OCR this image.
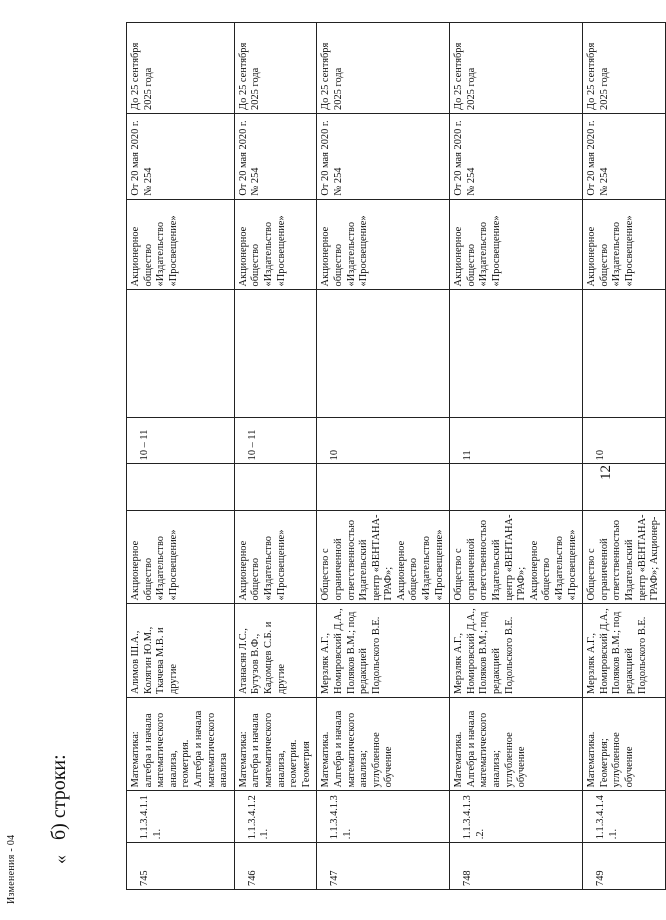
Изменения - 04 «
б) строки:
12
745	1.1.3.4.1.1.1.	Математика: алгебра и начала математического анализа, геометрия. Алгебра и начала математического анализа	Алимов Ш.А., Колягин Ю.М., Ткачева М.В. и другие	Акционерное общество «Издательство «Просвещение»		10 – 11		Акционерное общество «Издательство «Просвещение»	От 20 мая 2020 г. № 254	До 25 сентября 2025 года
746	1.1.3.4.1.2.1.	Математика: алгебра и начала математического анализа, геометрия. Геометрия	Атанасян Л.С., Бутузов В.Ф., Кадомцев С.Б. и другие	Акционерное общество «Издательство «Просвещение»		10 – 11		Акционерное общество «Издательство «Просвещение»	От 20 мая 2020 г. № 254	До 25 сентября 2025 года
747	1.1.3.4.1.3.1.	Математика. Алгебра и начала математического анализа; углубленное обучение	Мерзляк А.Г., Номировский Д.А., Поляков В.М.; под редакцией Подольского В.Е.	Общество с ограниченной ответственностью Издательский центр «ВЕНТАНА-ГРАФ»; Акционерное общество «Издательство «Просвещение»		10		Акционерное общество «Издательство «Просвещение»	От 20 мая 2020 г. № 254	До 25 сентября 2025 года
748	1.1.3.4.1.3.2.	Математика. Алгебра и начала математического анализа; углубленное обучение	Мерзляк А.Г., Номировский Д.А., Поляков В.М.; под редакцией Подольского В.Е.	Общество с ограниченной ответственностью Издательский центр «ВЕНТАНА-ГРАФ»; Акционерное общество «Издательство «Просвещение»		11		Акционерное общество «Издательство «Просвещение»	От 20 мая 2020 г. № 254	До 25 сентября 2025 года
749	1.1.3.4.1.4.1.	Математика. Геометрия; углубленное обучение	Мерзляк А.Г., Номировский Д.А., Поляков В.М.; под редакцией Подольского В.Е.	Общество с ограниченной ответственностью Издательский центр «ВЕНТАНА-ГРАФ»; Акционер-		10		Акционерное общество «Издательство «Просвещение»	От 20 мая 2020 г. № 254	До 25 сентября 2025 года
